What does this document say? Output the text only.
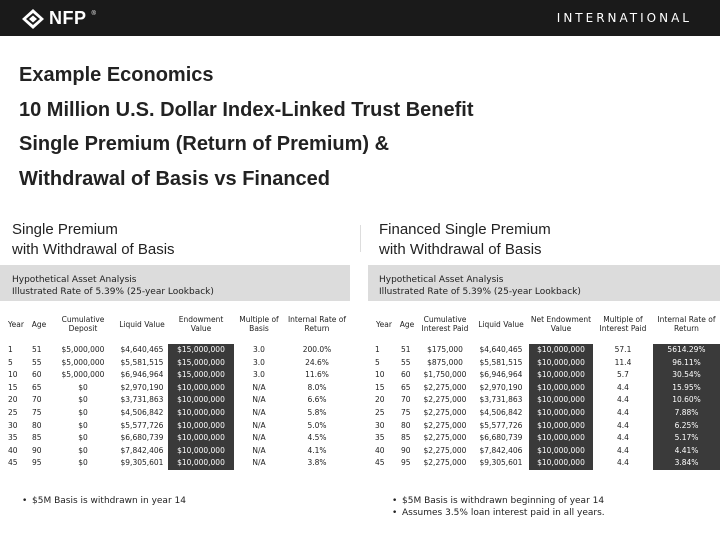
NFP ®	INTERNATIONAL
Example Economics
10 Million U.S. Dollar Index-Linked Trust Benefit
Single Premium (Return of Premium) &
Withdrawal of Basis vs Financed
Single Premium
with Withdrawal of Basis
Financed Single Premium
with Withdrawal of Basis
Hypothetical Asset Analysis
Illustrated Rate of 5.39% (25-year Lookback)
Hypothetical Asset Analysis
Illustrated Rate of 5.39% (25-year Lookback)
Year	Age	Cumulative Deposit	Liquid Value	Endowment Value	Multiple of Basis	Internal Rate of Return
1	51	$5,000,000	$4,640,465	$15,000,000	3.0	200.0%
5	55	$5,000,000	$5,581,515	$15,000,000	3.0	24.6%
10	60	$5,000,000	$6,946,964	$15,000,000	3.0	11.6%
15	65	$0	$2,970,190	$10,000,000	N/A	8.0%
20	70	$0	$3,731,863	$10,000,000	N/A	6.6%
25	75	$0	$4,506,842	$10,000,000	N/A	5.8%
30	80	$0	$5,577,726	$10,000,000	N/A	5.0%
35	85	$0	$6,680,739	$10,000,000	N/A	4.5%
40	90	$0	$7,842,406	$10,000,000	N/A	4.1%
45	95	$0	$9,305,601	$10,000,000	N/A	3.8%
Year	Age	Cumulative Interest Paid	Liquid Value	Net Endowment Value	Multiple of Interest Paid	Internal Rate of Return
1	51	$175,000	$4,640,465	$10,000,000	57.1	5614.29%
5	55	$875,000	$5,581,515	$10,000,000	11.4	96.11%
10	60	$1,750,000	$6,946,964	$10,000,000	5.7	30.54%
15	65	$2,275,000	$2,970,190	$10,000,000	4.4	15.95%
20	70	$2,275,000	$3,731,863	$10,000,000	4.4	10.60%
25	75	$2,275,000	$4,506,842	$10,000,000	4.4	7.88%
30	80	$2,275,000	$5,577,726	$10,000,000	4.4	6.25%
35	85	$2,275,000	$6,680,739	$10,000,000	4.4	5.17%
40	90	$2,275,000	$7,842,406	$10,000,000	4.4	4.41%
45	95	$2,275,000	$9,305,601	$10,000,000	4.4	3.84%
• $5M Basis is withdrawn in year 14	• $5M Basis is withdrawn beginning of year 14
• Assumes 3.5% loan interest paid in all years.
